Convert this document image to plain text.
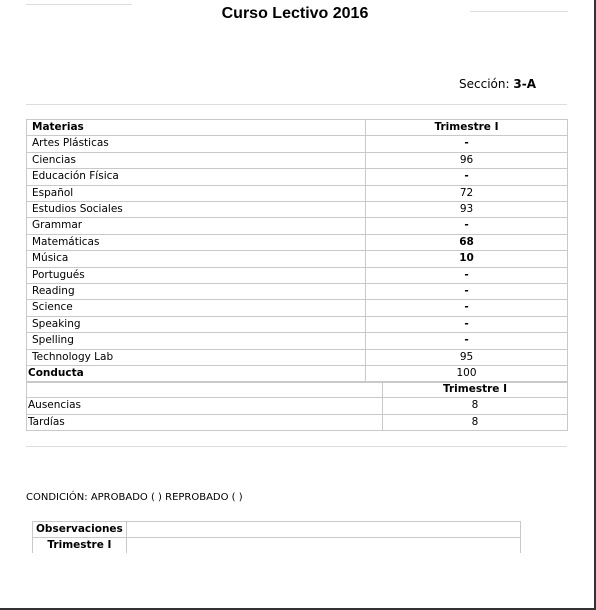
Curso Lectivo 2016
Sección: 3-A
Materias	Trimestre I
Artes Plásticas	-
Ciencias	96
Educación Física	-
Español	72
Estudios Sociales	93
Grammar	-
Matemáticas	68
Música	10
Portugués	-
Reading	-
Science	-
Speaking	-
Spelling	-
Technology Lab	95
Conducta	100
	Trimestre I
Ausencias	8
Tardías	8
CONDICIÓN: APROBADO ( ) REPROBADO ( )
Observaciones	
Trimestre I	
